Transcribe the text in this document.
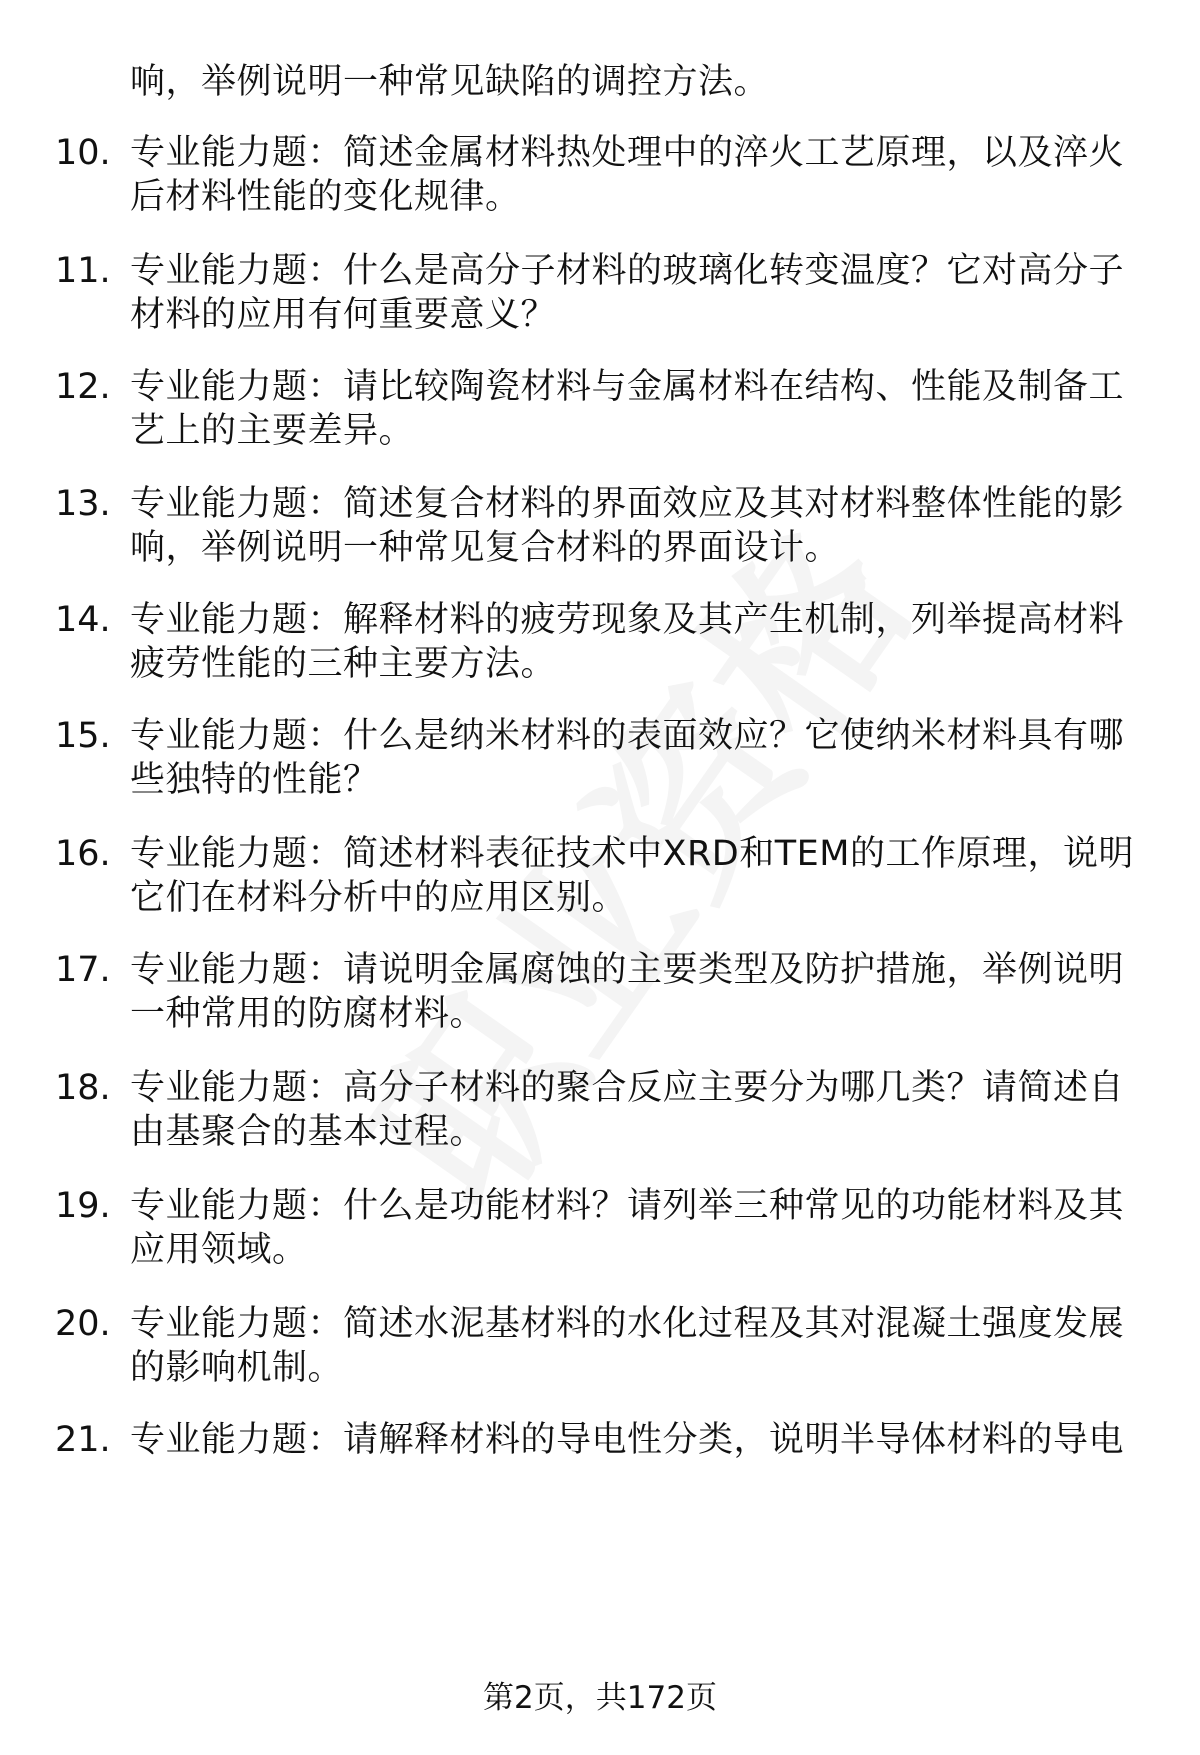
响，举例说明一种常见缺陷的调控方法。
10. 专业能力题：简述金属材料热处理中的淬火工艺原理，以及淬火
后材料性能的变化规律。
11. 专业能力题：什么是高分子材料的玻璃化转变温度？它对高分子
材料的应用有何重要意义？
12. 专业能力题：请比较陶瓷材料与金属材料在结构、性能及制备工
艺上的主要差异。
13. 专业能力题：简述复合材料的界面效应及其对材料整体性能的影
响，举例说明一种常见复合材料的界面设计。
14. 专业能力题：解释材料的疲劳现象及其产生机制，列举提高材料
疲劳性能的三种主要方法。
15. 专业能力题：什么是纳米材料的表面效应？它使纳米材料具有哪
些独特的性能？
16. 专业能力题：简述材料表征技术中XRD和TEM的工作原理，说明
它们在材料分析中的应用区别。
17. 专业能力题：请说明金属腐蚀的主要类型及防护措施，举例说明
一种常用的防腐材料。
18. 专业能力题：高分子材料的聚合反应主要分为哪几类？请简述自
由基聚合的基本过程。
19. 专业能力题：什么是功能材料？请列举三种常见的功能材料及其
应用领域。
20. 专业能力题：简述水泥基材料的水化过程及其对混凝土强度发展
的影响机制。
21. 专业能力题：请解释材料的导电性分类，说明半导体材料的导电
第2页，共172页
